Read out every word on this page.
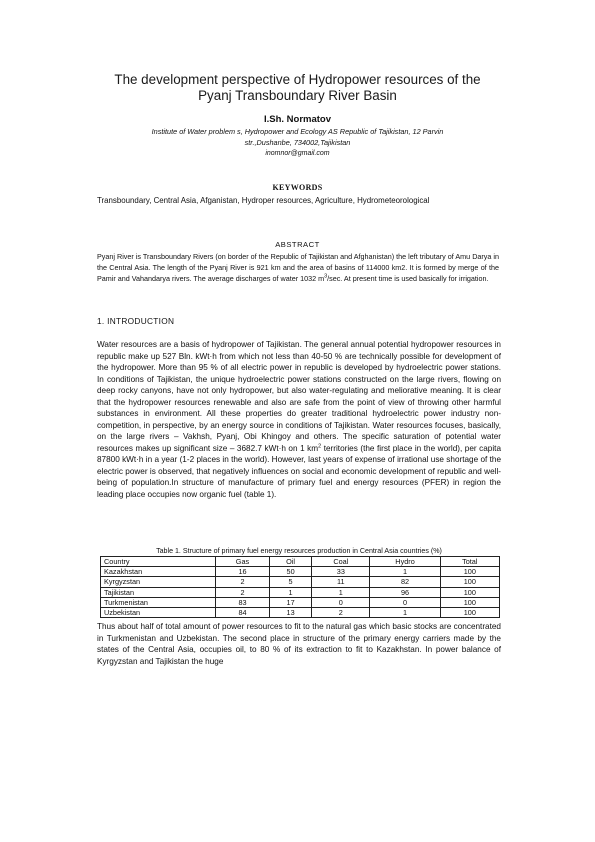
The development perspective of Hydropower resources of the
Pyanj Transboundary River Basin
I.Sh. Normatov
Institute of Water problem s, Hydropower and Ecology AS Republic of Tajikistan, 12 Parvin
str.,Dushanbe, 734002,Tajikistan
inomnor@gmail.com
KEYWORDS
Transboundary, Central Asia, Afganistan, Hydroper resources, Agriculture, Hydrometeorological
ABSTRACT
Pyanj River is Transboundary Rivers (on border of the Republic of Tajikistan and Afghanistan) the left tributary of Amu Darya in the Central Asia. The length of the Pyanj River is 921 km and the area of basins of 114000 km2. It is formed by merge of the Pamir and Vahandarya rivers. The average discharges of water 1032 $m^3/\sec$. At present time is used basically for irrigation.
1. INTRODUCTION
Water resources are a basis of hydropower of Tajikistan. The general annual potential hydropower resources in republic make up 527 Bln. kWt·h from which not less than 40-50 % are technically possible for development of the hydropower. More than 95 % of all electric power in republic is developed by hydroelectric power stations. In conditions of Tajikistan, the unique hydroelectric power stations constructed on the large rivers, flowing on deep rocky canyons, have not only hydropower, but also water-regulating and meliorative meaning. It is clear that the hydropower resources renewable and also are safe from the point of view of throwing other harmful substances in environment. All these properties do greater traditional hydroelectric power industry non-competition, in perspective, by an energy source in conditions of Tajikistan. Water resources focuses, basically, on the large rivers – Vakhsh, Pyanj, Obi Khingoy and others. The specific saturation of potential water resources makes up significant size – 3682.7 kWt·h on 1 $km^2$ territories (the first place in the world), per capita 87800 kWt·h in a year (1-2 places in the world). However, last years of expense of irrational use shortage of the electric power is observed, that negatively influences on social and economic development of republic and well-being of population.In structure of manufacture of primary fuel and energy resources (PFER) in region the leading place occupies now organic fuel (table 1).
Table 1. Structure of primary fuel energy resources production in Central Asia countries (%)
Country	Gas	Oil	Coal	Hydro	Total
Kazakhstan	16	50	33	1	100
Kyrgyzstan	2	5	11	82	100
Tajikistan	2	1	1	96	100
Turkmenistan	83	17	0	0	100
Uzbekistan	84	13	2	1	100
Thus about half of total amount of power resources to fit to the natural gas which basic stocks are concentrated in Turkmenistan and Uzbekistan. The second place in structure of the primary energy carriers made by the states of the Central Asia, occupies oil, to 80 % of its extraction to fit to Kazakhstan. In power balance of Kyrgyzstan and Tajikistan the huge
